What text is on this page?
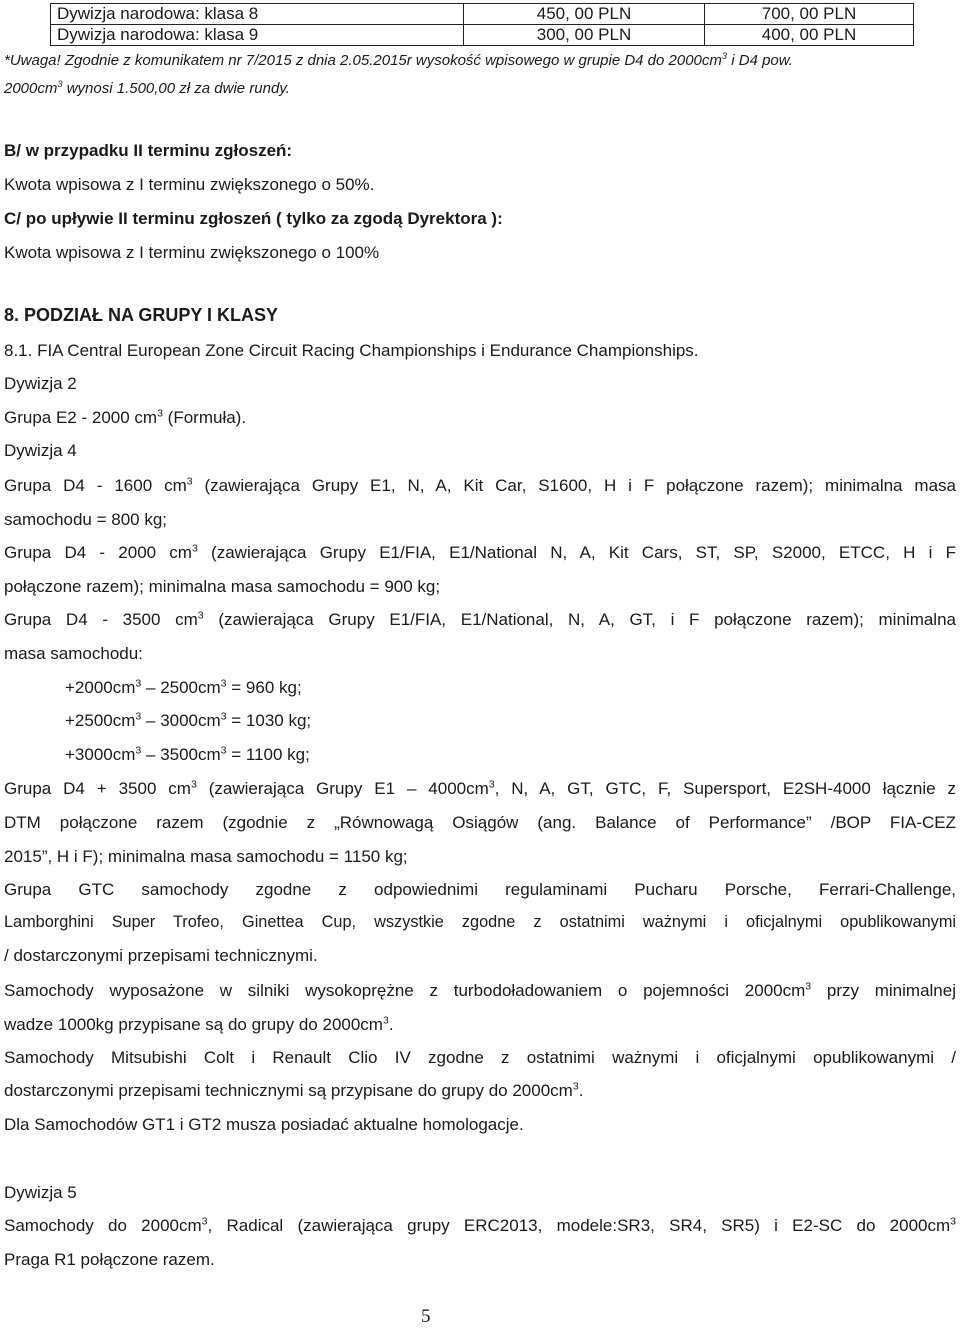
Dywizja narodowa: klasa 8	450, 00 PLN	700, 00 PLN
Dywizja narodowa: klasa 9	300, 00 PLN	400, 00 PLN
*Uwaga! Zgodnie z komunikatem nr 7/2015 z dnia 2.05.2015r wysokość wpisowego w grupie D4 do $2000cm^3$ i D4 pow.
$2000cm^3$ wynosi 1.500,00 zł za dwie rundy.
B/ w przypadku II terminu zgłoszeń:
Kwota wpisowa z I terminu zwiększonego o 50%.
C/ po upływie II terminu zgłoszeń ( tylko za zgodą Dyrektora ):
Kwota wpisowa z I terminu zwiększonego o 100%
8. PODZIAŁ NA GRUPY I KLASY
8.1. FIA Central European Zone Circuit Racing Championships i Endurance Championships.
Dywizja 2
Grupa E2 - 2000 $cm^3$ (Formuła).
Dywizja 4
Grupa D4 - 1600 $cm^3$ (zawierająca Grupy E1, N, A, Kit Car, S1600, H i F połączone razem); minimalna masa
samochodu = 800 kg;
Grupa D4 - 2000 $cm^3$ (zawierająca Grupy E1/FIA, E1/National N, A, Kit Cars, ST, SP, S2000, ETCC, H i F
połączone razem); minimalna masa samochodu = 900 kg;
Grupa D4 - 3500 $cm^3$ (zawierająca Grupy E1/FIA, E1/National, N, A, GT, i F połączone razem); minimalna
masa samochodu:
$+2000cm^3 - 2500cm^3 = 960$ kg;
$+2500cm^3 - 3000cm^3 = 1030$ kg;
$+3000cm^3 - 3500cm^3 = 1100$ kg;
Grupa D4 + 3500 $cm^3$ (zawierająca Grupy $E1 - 4000cm^3$, N, A, GT, GTC, F, Supersport, E2SH-4000 łącznie z
DTM połączone razem (zgodnie z „Równowagą Osiągów (ang. Balance of Performance” /BOP FIA-CEZ
2015”, H i F); minimalna masa samochodu = 1150 kg;
Grupa GTC samochody zgodne z odpowiednimi regulaminami Pucharu Porsche, Ferrari-Challenge,
Lamborghini Super Trofeo, Ginettea Cup, wszystkie zgodne z ostatnimi ważnymi i oficjalnymi opublikowanymi
/ dostarczonymi przepisami technicznymi.
Samochody wyposażone w silniki wysokoprężne z turbodoładowaniem o pojemności $2000cm^3$ przy minimalnej
wadze 1000kg przypisane są do grupy do $2000cm^3$.
Samochody Mitsubishi Colt i Renault Clio IV zgodne z ostatnimi ważnymi i oficjalnymi opublikowanymi /
dostarczonymi przepisami technicznymi są przypisane do grupy do $2000cm^3$.
Dla Samochodów GT1 i GT2 musza posiadać aktualne homologacje.
Dywizja 5
Samochody do $2000cm^3$, Radical (zawierająca grupy ERC2013, modele:SR3, SR4, SR5) i E2-SC do $2000cm^3$
Praga R1 połączone razem.
5
